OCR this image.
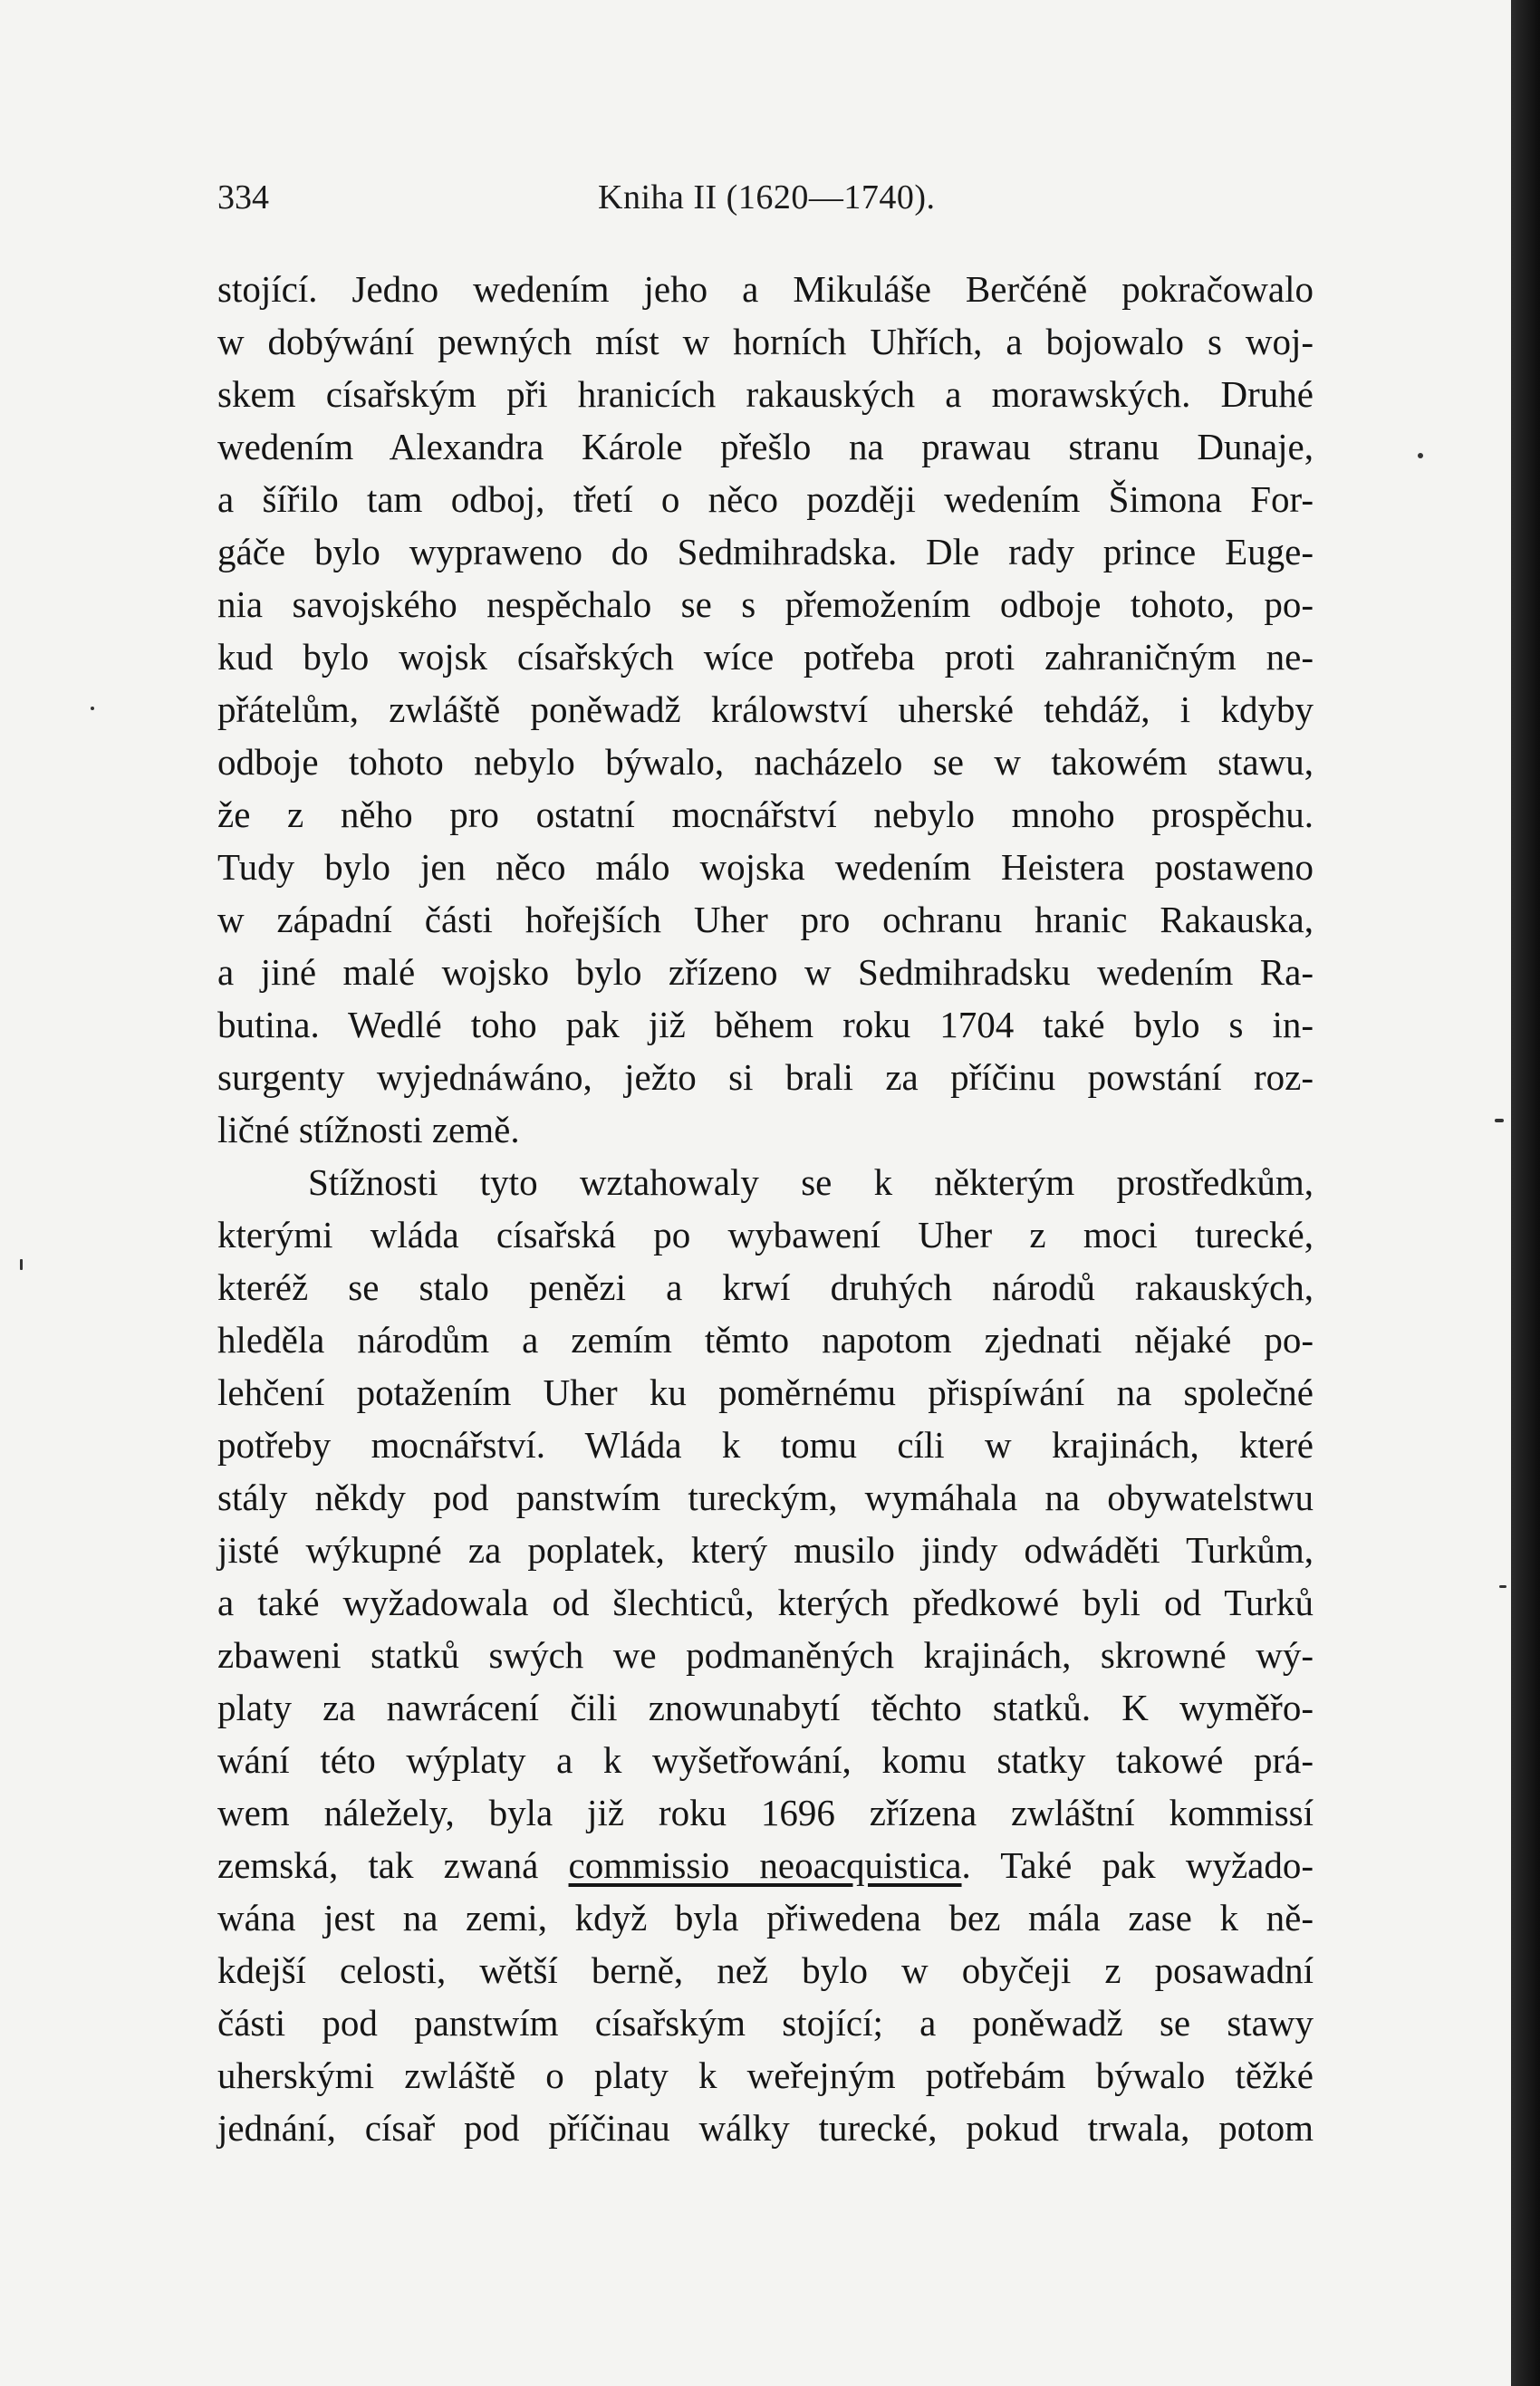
334	Kniha II (1620—1740).
stojící. Jedno wedením jeho a Mikuláše Berčéně pokračowalo
w dobýwání pewných míst w horních Uhřích, a bojowalo s woj-
skem císařským při hranicích rakauských a morawských. Druhé
wedením Alexandra Károle přešlo na prawau stranu Dunaje,
a šířilo tam odboj, třetí o něco později wedením Šimona For-
gáče bylo wypraweno do Sedmihradska. Dle rady prince Euge-
nia savojského nespěchalo se s přemožením odboje tohoto, po-
kud bylo wojsk císařských wíce potřeba proti zahraničným ne-
přátelům, zwláště poněwadž králowství uherské tehdáž, i kdyby
odboje tohoto nebylo býwalo, nacházelo se w takowém stawu,
že z něho pro ostatní mocnářství nebylo mnoho prospěchu.
Tudy bylo jen něco málo wojska wedením Heistera postaweno
w západní části hořejších Uher pro ochranu hranic Rakauska,
a jiné malé wojsko bylo zřízeno w Sedmihradsku wedením Ra-
butina. Wedlé toho pak již během roku 1704 také bylo s in-
surgenty wyjednáwáno, ježto si brali za příčinu powstání roz-
ličné stížnosti země.
Stížnosti tyto wztahowaly se k některým prostředkům,
kterými wláda císařská po wybawení Uher z moci turecké,
kteréž se stalo penězi a krwí druhých národů rakauských,
hleděla národům a zemím těmto napotom zjednati nějaké po-
lehčení potažením Uher ku poměrnému přispíwání na společné
potřeby mocnářství. Wláda k tomu cíli w krajinách, které
stály někdy pod panstwím tureckým, wymáhala na obywatelstwu
jisté wýkupné za poplatek, který musilo jindy odwáděti Turkům,
a také wyžadowala od šlechticů, kterých předkowé byli od Turků
zbaweni statků swých we podmaněných krajinách, skrowné wý-
platy za nawrácení čili znowunabytí těchto statků. K wyměřo-
wání této wýplaty a k wyšetřowání, komu statky takowé prá-
wem náležely, byla již roku 1696 zřízena zwláštní kommissí
zemská, tak zwaná commissio neoacquistica. Také pak wyžado-
wána jest na zemi, když byla přiwedena bez mála zase k ně-
kdejší celosti, wětší berně, než bylo w obyčeji z posawadní
části pod panstwím císařským stojící; a poněwadž se stawy
uherskými zwláště o platy k weřejným potřebám býwalo těžké
jednání, císař pod příčinau wálky turecké, pokud trwala, potom
